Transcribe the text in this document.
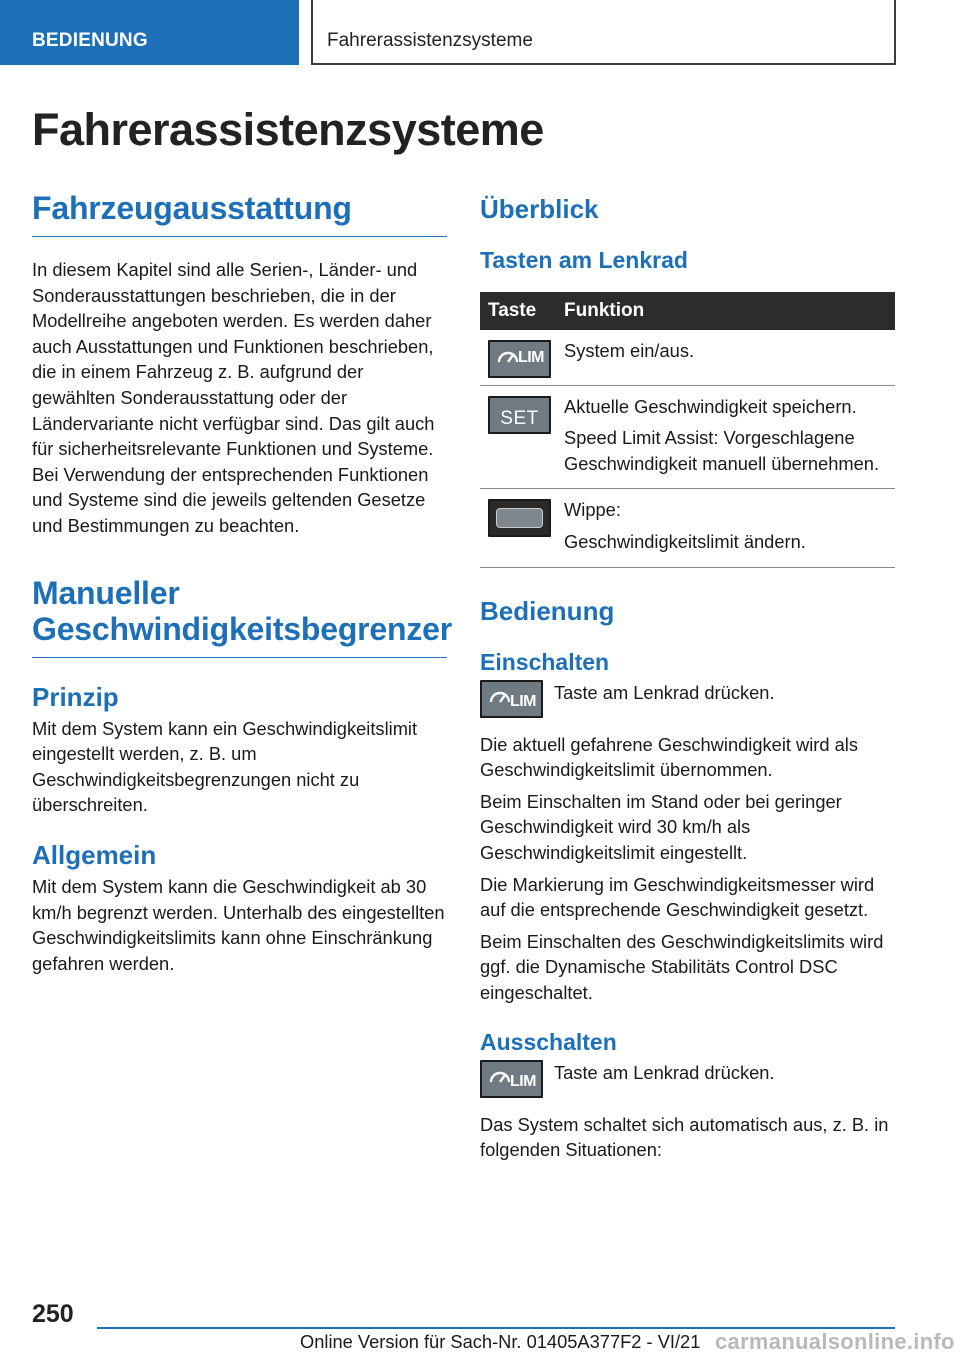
BEDIENUNG	Fahrerassistenzsysteme
Fahrerassistenzsysteme
Fahrzeugausstattung

In diesem Kapitel sind alle Serien-, Länder- und Sonderausstattungen beschrieben, die in der Modellreihe angeboten werden. Es werden daher auch Ausstattungen und Funktionen beschrieben, die in einem Fahrzeug z. B. aufgrund der gewählten Sonderausstattung oder der Ländervariante nicht verfügbar sind. Das gilt auch für sicherheitsrelevante Funktionen und Systeme. Bei Verwendung der entsprechenden Funktionen und Systeme sind die jeweils geltenden Gesetze und Bestimmungen zu beachten.

Manueller Geschwindigkeitsbegrenzer
Prinzip

Mit dem System kann ein Geschwindigkeitslimit eingestellt werden, z. B. um Geschwindigkeitsbegrenzungen nicht zu überschreiten.

Allgemein

Mit dem System kann die Geschwindigkeit ab 30 km/h begrenzt werden. Unterhalb des eingestellten Geschwindigkeitslimits kann ohne Einschränkung gefahren werden.

Überblick
Tasten am Lenkrad
Taste	Funktion

LIM	System ein/aus.

SET	Aktuelle Geschwindigkeit speichern.

Speed Limit Assist: Vorgeschlagene Geschwindigkeit manuell übernehmen.

	Wippe:

Geschwindigkeitslimit ändern.

Bedienung
Einschalten
LIM Taste am Lenkrad drücken.

Die aktuell gefahrene Geschwindigkeit wird als Geschwindigkeitslimit übernommen.

Beim Einschalten im Stand oder bei geringer Geschwindigkeit wird 30 km/h als Geschwindigkeitslimit eingestellt.

Die Markierung im Geschwindigkeitsmesser wird auf die entsprechende Geschwindigkeit gesetzt.

Beim Einschalten des Geschwindigkeitslimits wird ggf. die Dynamische Stabilitäts Control DSC eingeschaltet.

Ausschalten
LIM Taste am Lenkrad drücken.

Das System schaltet sich automatisch aus, z. B. in folgenden Situationen:

250
Online Version für Sach-Nr. 01405A377F2 - VI/21 carmanualsonline.info
